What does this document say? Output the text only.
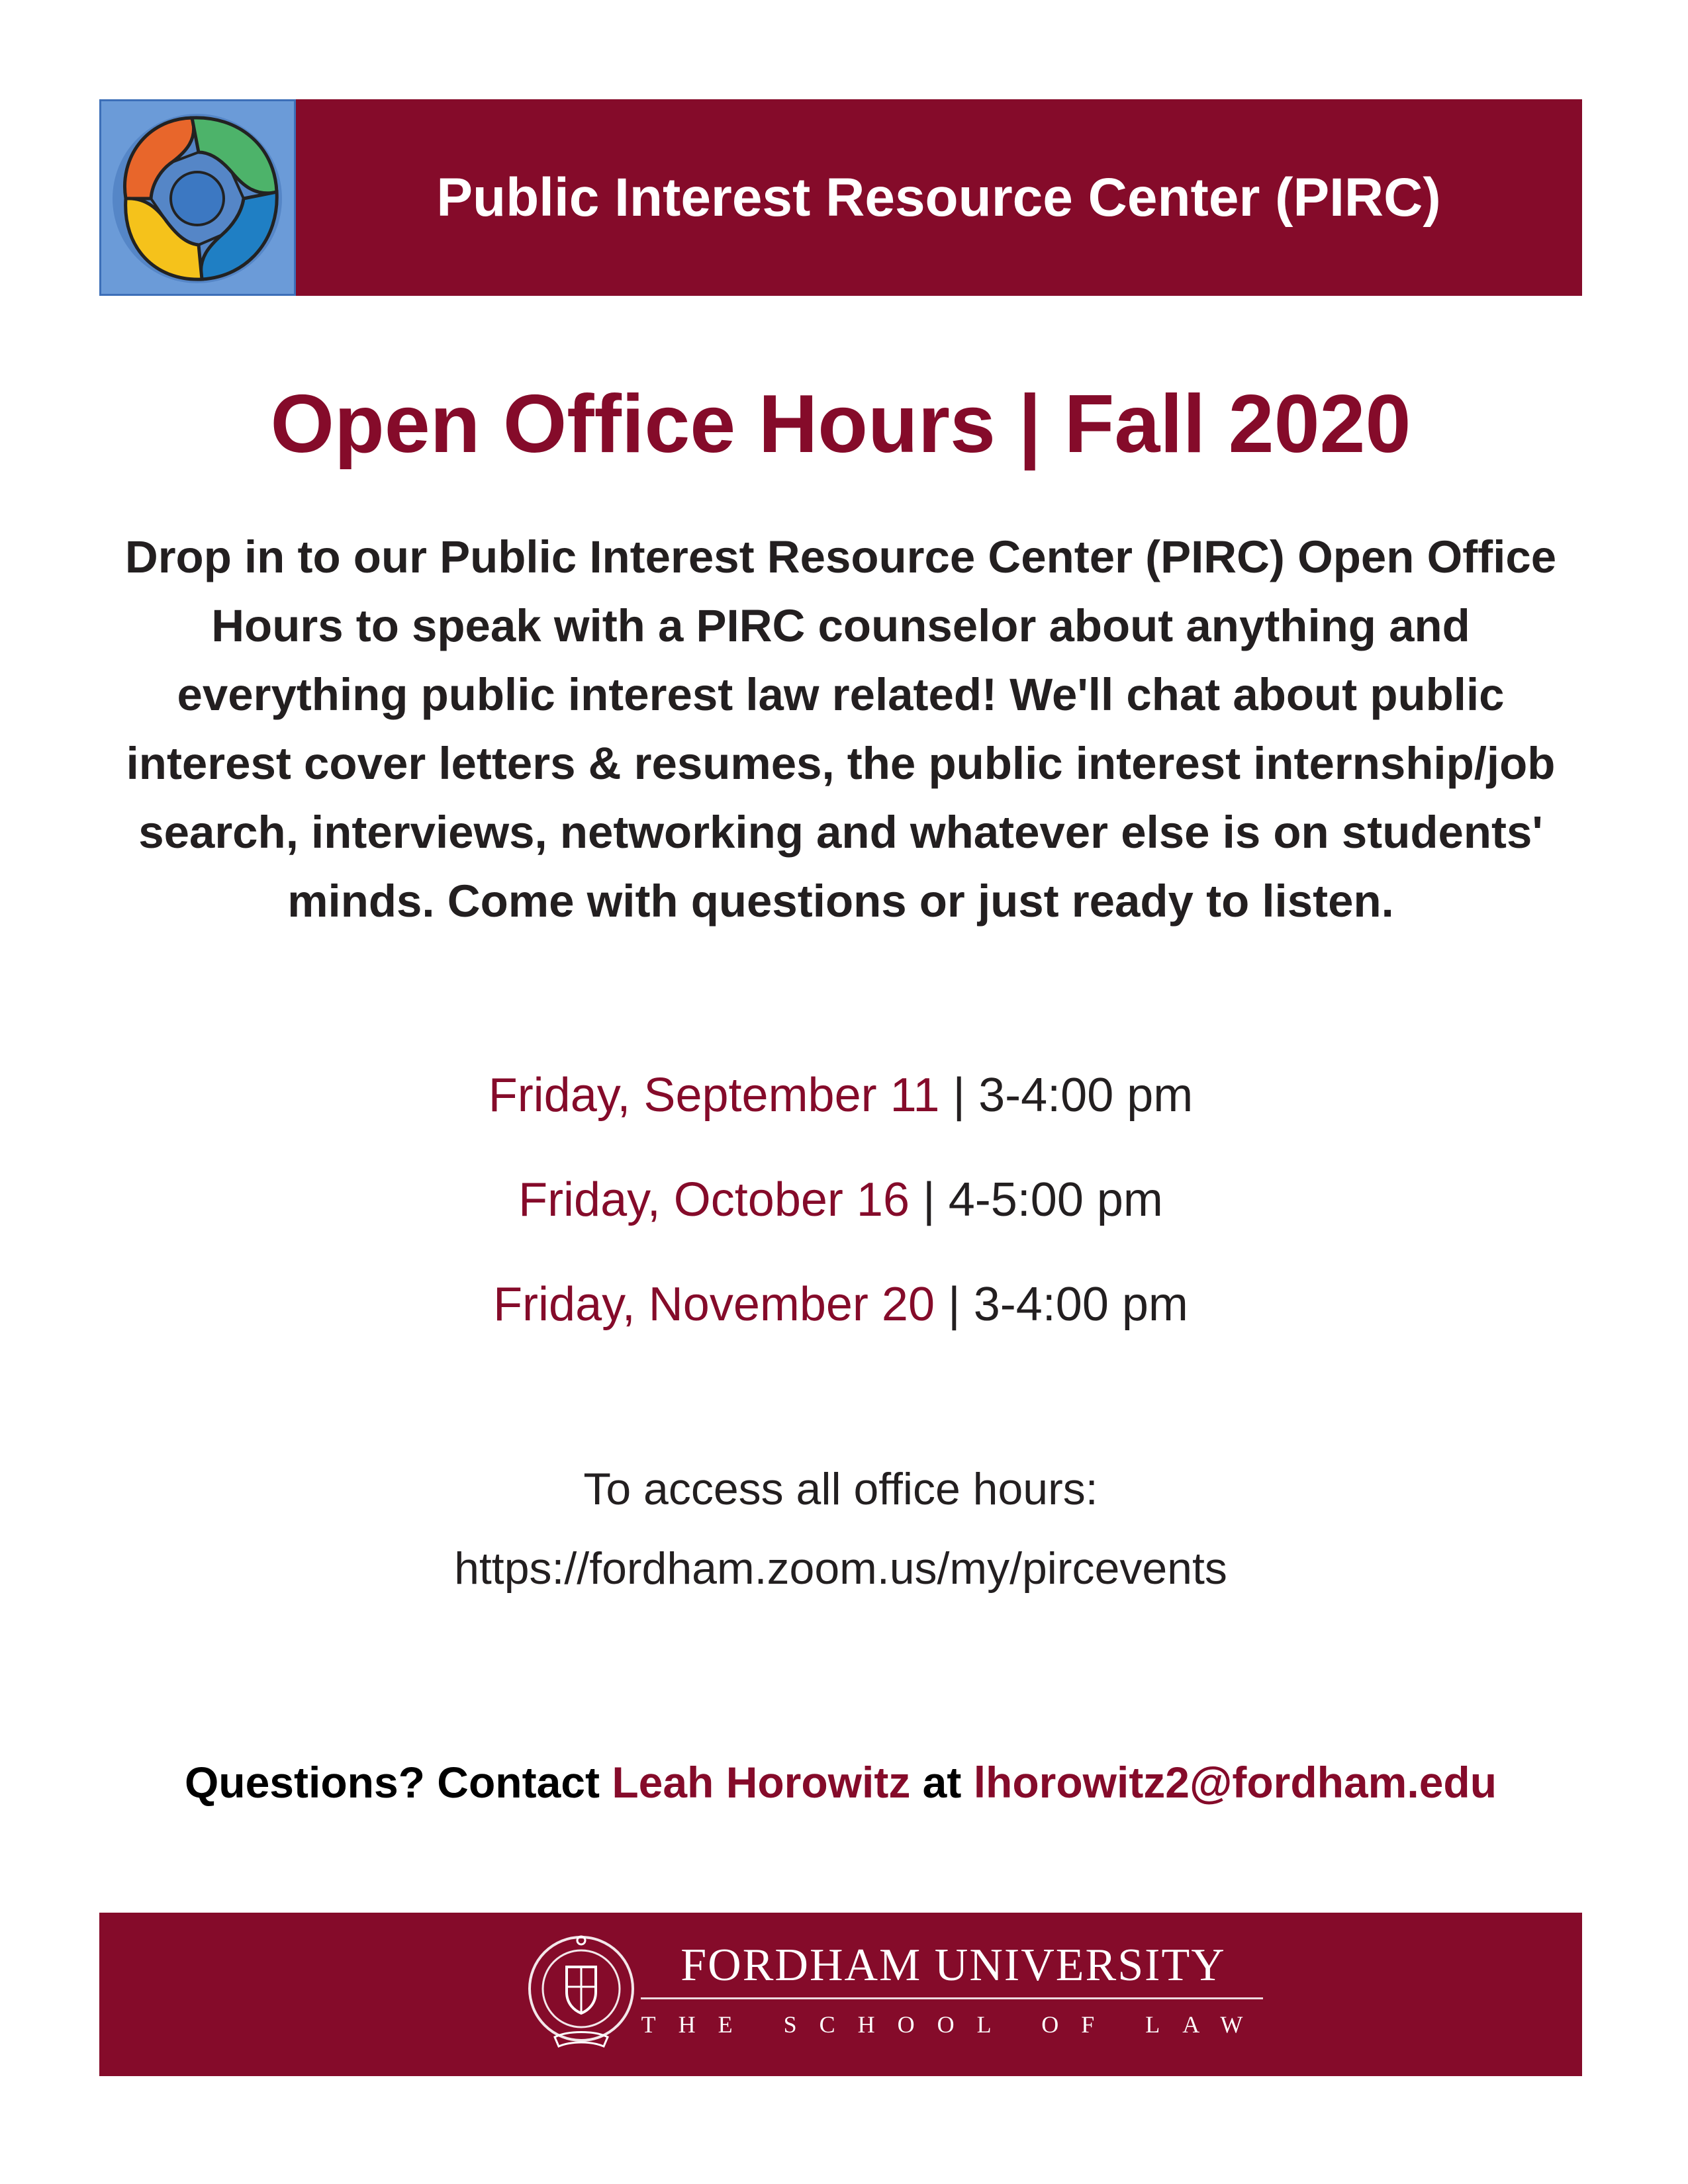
Public Interest Resource Center (PIRC)
Open Office Hours | Fall 2020
Drop in to our Public Interest Resource Center (PIRC) Open Office Hours to speak with a PIRC counselor about anything and everything public interest law related! We'll chat about public interest cover letters & resumes, the public interest internship/job search, interviews, networking and whatever else is on students' minds. Come with questions or just ready to listen.
Friday, September 11 | 3-4:00 pm
Friday, October 16 | 4-5:00 pm
Friday, November 20 | 3-4:00 pm
To access all office hours:
https://fordham.zoom.us/my/pircevents
Questions? Contact Leah Horowitz at lhorowitz2@fordham.edu
FORDHAM UNIVERSITY
THE SCHOOL OF LAW
